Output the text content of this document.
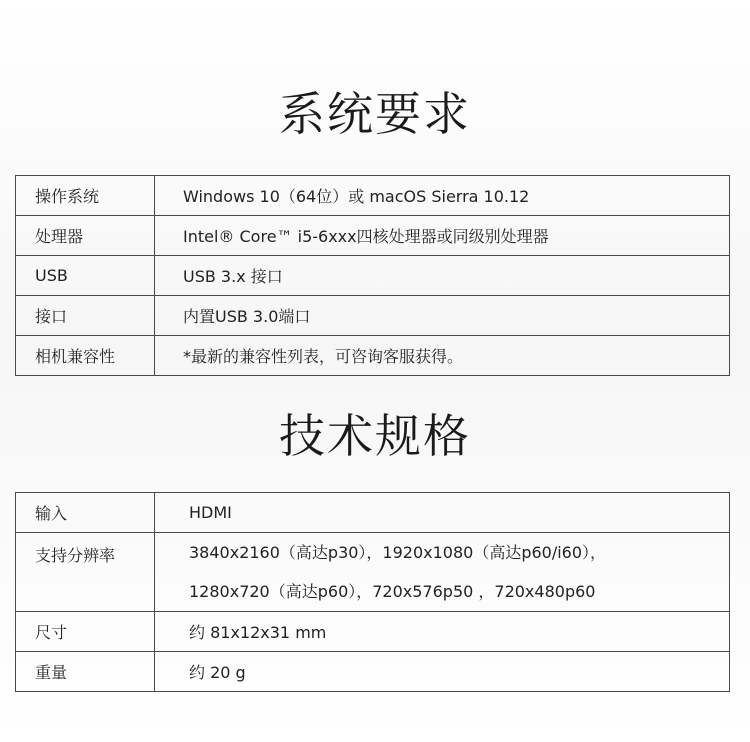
系统要求
操作系统	Windows 10（64位）或 macOS Sierra 10.12
处理器	Intel® Core™ i5-6xxx四核处理器或同级别处理器
USB	USB 3.x 接口
接口	内置USB 3.0端口
相机兼容性	*最新的兼容性列表，可咨询客服获得。
技术规格
输入	HDMI
支持分辨率	3840x2160（高达p30），1920x1080（高达p60/i60），
1280x720（高达p60），720x576p50 ，720x480p60

尺寸	约 81x12x31 mm
重量	约 20 g
